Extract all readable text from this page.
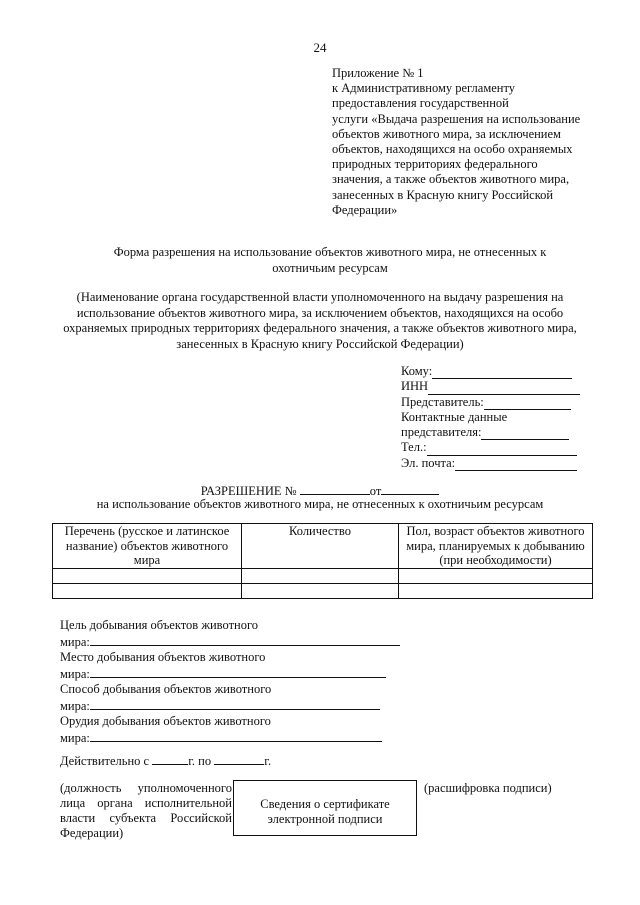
24
Приложение № 1
к Административному регламенту
предоставления государственной
услуги «Выдача разрешения на использование
объектов животного мира, за исключением
объектов, находящихся на особо охраняемых
природных территориях федерального
значения, а также объектов животного мира,
занесенных в Красную книгу Российской
Федерации»
Форма разрешения на использование объектов животного мира, не отнесенных к
охотничьим ресурсам
(Наименование органа государственной власти уполномоченного на выдачу разрешения на
использование объектов животного мира, за исключением объектов, находящихся на особо
охраняемых природных территориях федерального значения, а также объектов животного мира,
занесенных в Красную книгу Российской Федерации)
Кому:
ИНН
Представитель:
Контактные данные
представителя:
Тел.:
Эл. почта:
РАЗРЕШЕНИЕ №	от
на использование объектов животного мира, не отнесенных к охотничьим ресурсам
Перечень (русское и латинское название) объектов животного мира	Количество	Пол, возраст объектов животного мира, планируемых к добыванию (при необходимости)

Цель добывания объектов животного
мира:
Место добывания объектов животного
мира:
Способ добывания объектов животного
мира:
Орудия добывания объектов животного
мира:
Действительно с	г. по	г.
(должность уполномоченного лица органа исполнительной власти субъекта Российской Федерации)
Сведения о сертификате
электронной подписи
(расшифровка подписи)
